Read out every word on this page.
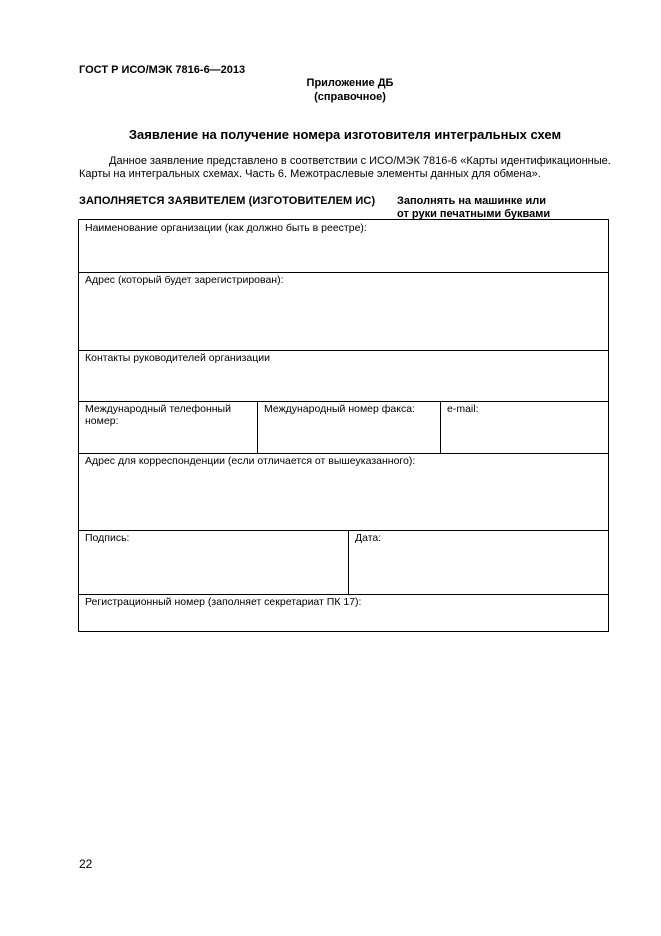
ГОСТ Р ИСО/МЭК 7816-6—2013
Приложение ДБ
(справочное)
Заявление на получение номера изготовителя интегральных схем
Данное заявление представлено в соответствии с ИСО/МЭК 7816-6 «Карты идентификационные. Карты на интегральных схемах. Часть 6. Межотраслевые элементы данных для обмена».
ЗАПОЛНЯЕТСЯ ЗАЯВИТЕЛЕМ (ИЗГОТОВИТЕЛЕМ ИС) Заполнять на машинке или
от руки печатными буквами
Наименование организации (как должно быть в реестре):
Адрес (который будет зарегистрирован):
Контакты руководителей организации
Международный телефонный номер:
Международный номер факса:	e-mail:
Адрес для корреспонденции (если отличается от вышеуказанного):
Подпись:	Дата:
Регистрационный номер (заполняет секретариат ПК 17):
22
